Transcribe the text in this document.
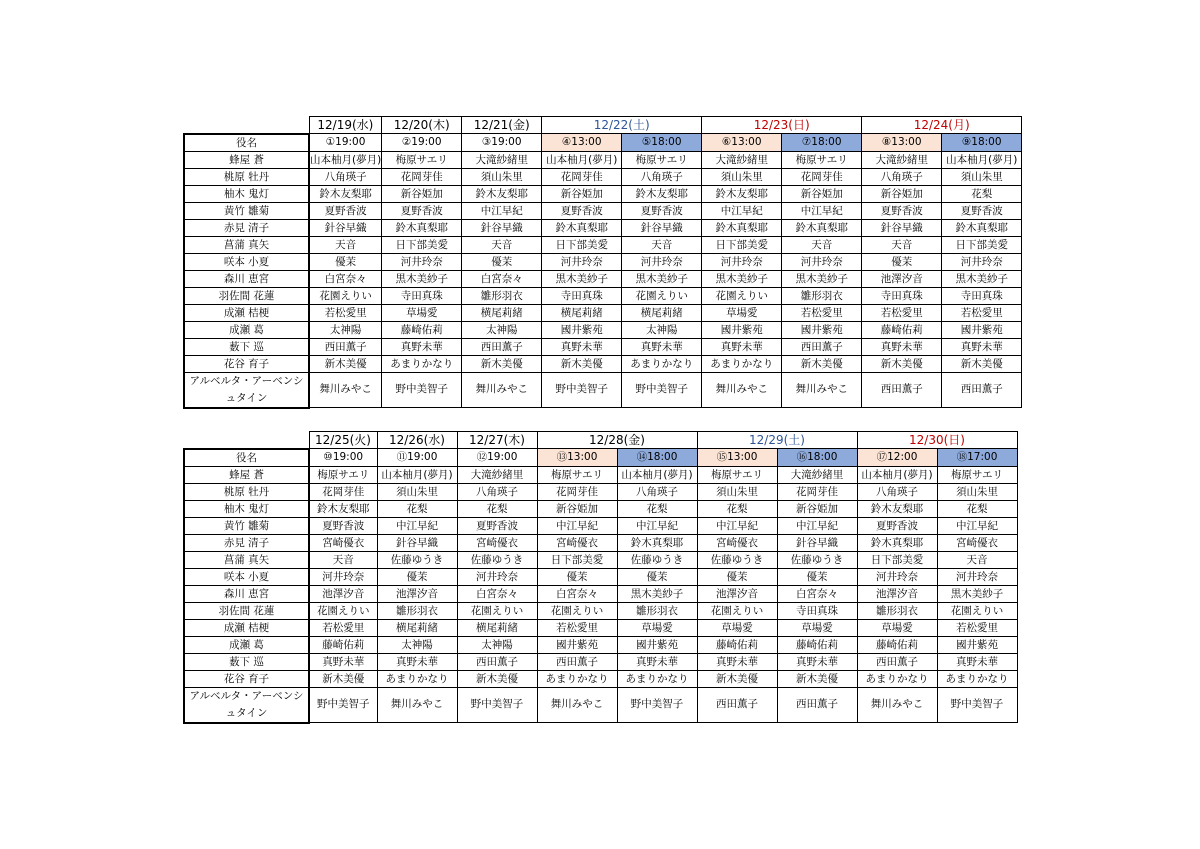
	12/19(水)	12/20(木)	12/21(金)	12/22(土)		12/23(日)		12/24(月)	
役名	①19:00	②19:00	③19:00	④13:00	⑤18:00	⑥13:00	⑦18:00	⑧13:00	⑨18:00
蜂屋 蒼	山本柚月(夢月)	梅原サエリ	大滝紗緒里	山本柚月(夢月)	梅原サエリ	大滝紗緒里	梅原サエリ	大滝紗緒里	山本柚月(夢月)
桃原 牡丹	八角瑛子	花岡芽佳	須山朱里	花岡芽佳	八角瑛子	須山朱里	花岡芽佳	八角瑛子	須山朱里
柚木 鬼灯	鈴木友梨耶	新谷姫加	鈴木友梨耶	新谷姫加	鈴木友梨耶	鈴木友梨耶	新谷姫加	新谷姫加	花梨
黄竹 雛菊	夏野香波	夏野香波	中江早紀	夏野香波	夏野香波	中江早紀	中江早紀	夏野香波	夏野香波
赤見 清子	針谷早織	鈴木真梨耶	針谷早織	鈴木真梨耶	針谷早織	鈴木真梨耶	鈴木真梨耶	針谷早織	鈴木真梨耶
菖蒲 真矢	天音	日下部美愛	天音	日下部美愛	天音	日下部美愛	天音	天音	日下部美愛
咲本 小夏	優茉	河井玲奈	優茉	河井玲奈	河井玲奈	河井玲奈	河井玲奈	優茉	河井玲奈
森川 恵宮	白宮奈々	黒木美紗子	白宮奈々	黒木美紗子	黒木美紗子	黒木美紗子	黒木美紗子	池澤汐音	黒木美紗子
羽佐間 花蓮	花園えりい	寺田真珠	雛形羽衣	寺田真珠	花園えりい	花園えりい	雛形羽衣	寺田真珠	寺田真珠
成瀬 桔梗	若松愛里	草場愛	横尾莉緒	横尾莉緒	横尾莉緒	草場愛	若松愛里	若松愛里	若松愛里
成瀬 葛	太神陽	藤崎佑莉	太神陽	國井紫苑	太神陽	國井紫苑	國井紫苑	藤崎佑莉	國井紫苑
薮下 巡	西田薫子	真野未華	西田薫子	真野未華	真野未華	真野未華	西田薫子	真野未華	真野未華
花谷 育子	新木美優	あまりかなり	新木美優	新木美優	あまりかなり	あまりかなり	新木美優	新木美優	新木美優
アルベルタ・アーベンシュタイン	舞川みやこ	野中美智子	舞川みやこ	野中美智子	野中美智子	舞川みやこ	舞川みやこ	西田薫子	西田薫子
	12/25(火)	12/26(水)	12/27(木)	12/28(金)		12/29(土)		12/30(日)	
役名	⑩19:00	⑪19:00	⑫19:00	⑬13:00	⑭18:00	⑮13:00	⑯18:00	⑰12:00	⑱17:00
蜂屋 蒼	梅原サエリ	山本柚月(夢月)	大滝紗緒里	梅原サエリ	山本柚月(夢月)	梅原サエリ	大滝紗緒里	山本柚月(夢月)	梅原サエリ
桃原 牡丹	花岡芽佳	須山朱里	八角瑛子	花岡芽佳	八角瑛子	須山朱里	花岡芽佳	八角瑛子	須山朱里
柚木 鬼灯	鈴木友梨耶	花梨	花梨	新谷姫加	花梨	花梨	新谷姫加	鈴木友梨耶	花梨
黄竹 雛菊	夏野香波	中江早紀	夏野香波	中江早紀	中江早紀	中江早紀	中江早紀	夏野香波	中江早紀
赤見 清子	宮崎優衣	針谷早織	宮崎優衣	宮崎優衣	鈴木真梨耶	宮崎優衣	針谷早織	鈴木真梨耶	宮崎優衣
菖蒲 真矢	天音	佐藤ゆうき	佐藤ゆうき	日下部美愛	佐藤ゆうき	佐藤ゆうき	佐藤ゆうき	日下部美愛	天音
咲本 小夏	河井玲奈	優茉	河井玲奈	優茉	優茉	優茉	優茉	河井玲奈	河井玲奈
森川 恵宮	池澤汐音	池澤汐音	白宮奈々	白宮奈々	黒木美紗子	池澤汐音	白宮奈々	池澤汐音	黒木美紗子
羽佐間 花蓮	花園えりい	雛形羽衣	花園えりい	花園えりい	雛形羽衣	花園えりい	寺田真珠	雛形羽衣	花園えりい
成瀬 桔梗	若松愛里	横尾莉緒	横尾莉緒	若松愛里	草場愛	草場愛	草場愛	草場愛	若松愛里
成瀬 葛	藤崎佑莉	太神陽	太神陽	國井紫苑	國井紫苑	藤崎佑莉	藤崎佑莉	藤崎佑莉	國井紫苑
薮下 巡	真野未華	真野未華	西田薫子	西田薫子	真野未華	真野未華	真野未華	西田薫子	真野未華
花谷 育子	新木美優	あまりかなり	新木美優	あまりかなり	あまりかなり	新木美優	新木美優	あまりかなり	あまりかなり
アルベルタ・アーベンシュタイン	野中美智子	舞川みやこ	野中美智子	舞川みやこ	野中美智子	西田薫子	西田薫子	舞川みやこ	野中美智子
